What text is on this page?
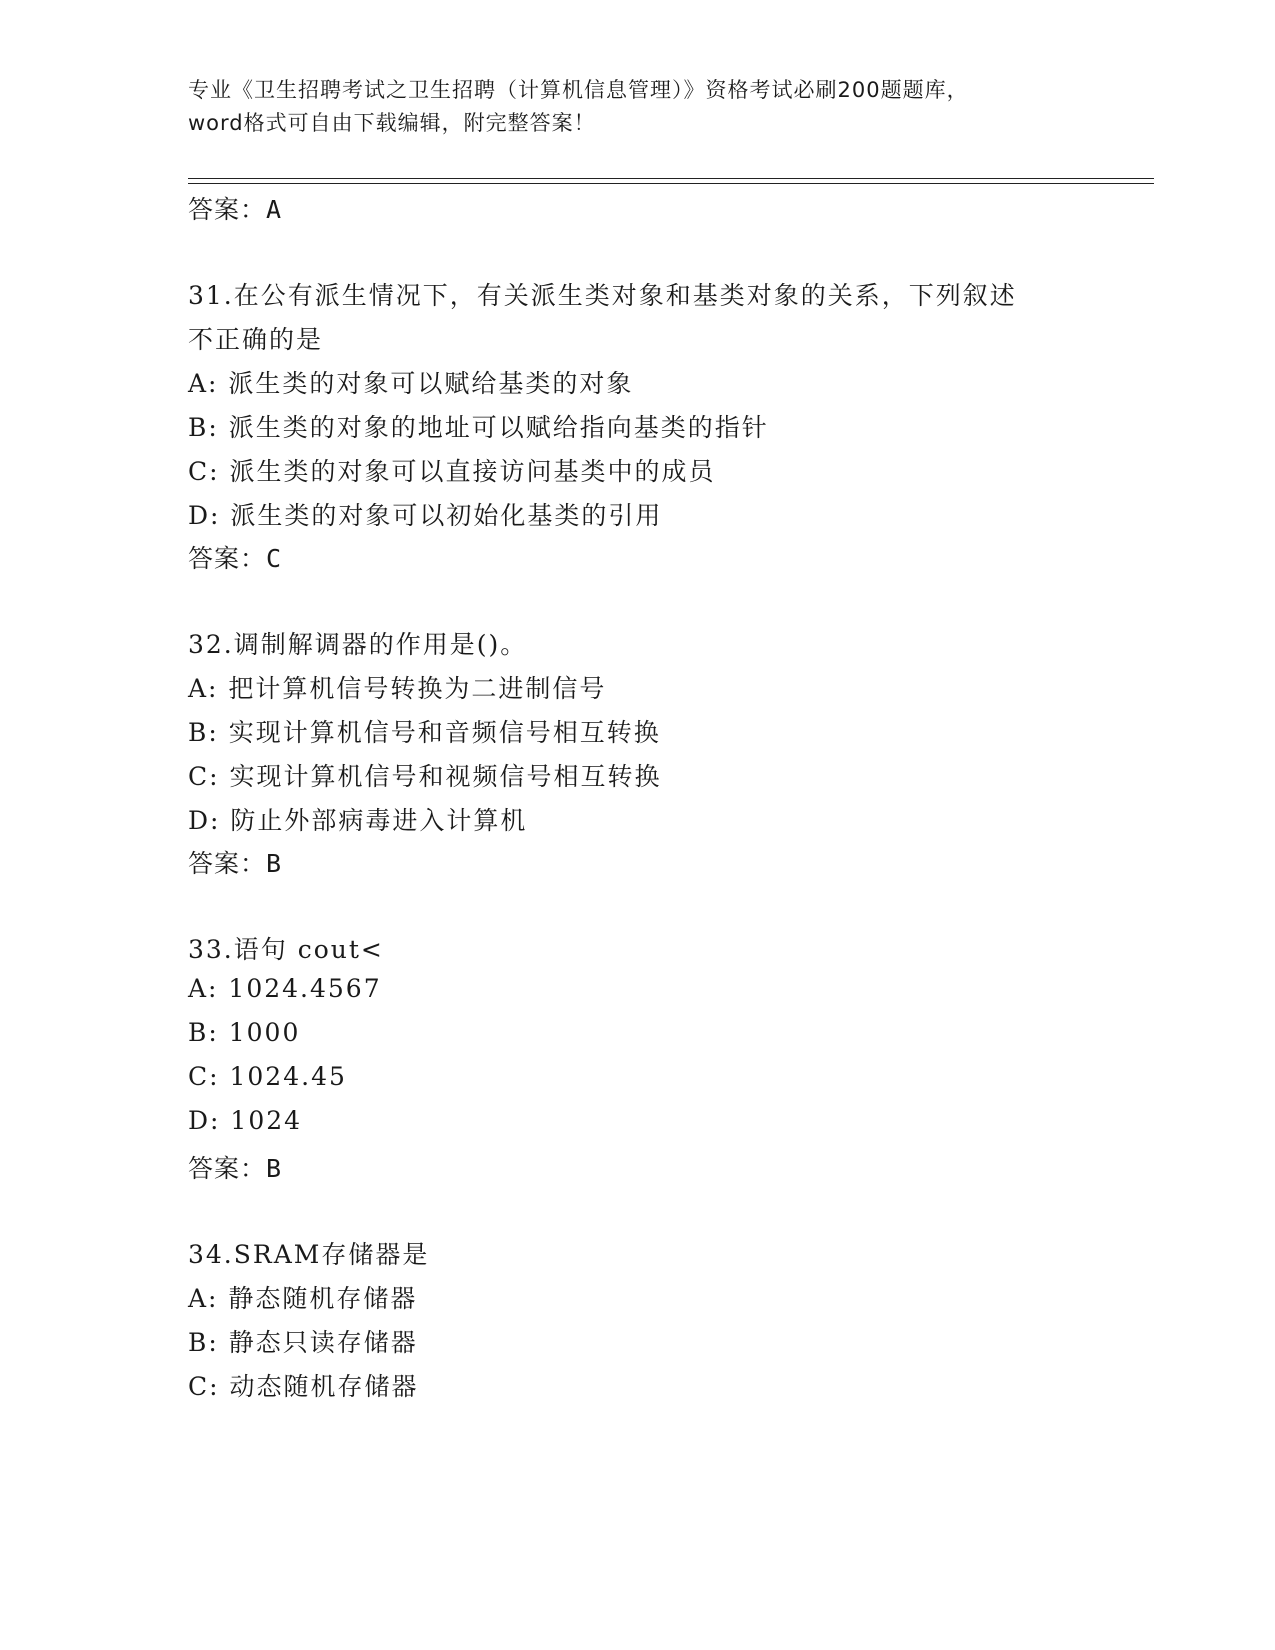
专业《卫生招聘考试之卫生招聘（计算机信息管理）》资格考试必刷200题题库，
word格式可自由下载编辑，附完整答案！
答案：A
31.在公有派生情况下，有关派生类对象和基类对象的关系，下列叙述
不正确的是
A: 派生类的对象可以赋给基类的对象
B: 派生类的对象的地址可以赋给指向基类的指针
C: 派生类的对象可以直接访问基类中的成员
D: 派生类的对象可以初始化基类的引用
答案：C
32.调制解调器的作用是()。
A: 把计算机信号转换为二进制信号
B: 实现计算机信号和音频信号相互转换
C: 实现计算机信号和视频信号相互转换
D: 防止外部病毒进入计算机
答案：B
33.语句 cout<
A: 1024.4567
B: 1000
C: 1024.45
D: 1024
答案：B
34.SRAM存储器是
A: 静态随机存储器
B: 静态只读存储器
C: 动态随机存储器
